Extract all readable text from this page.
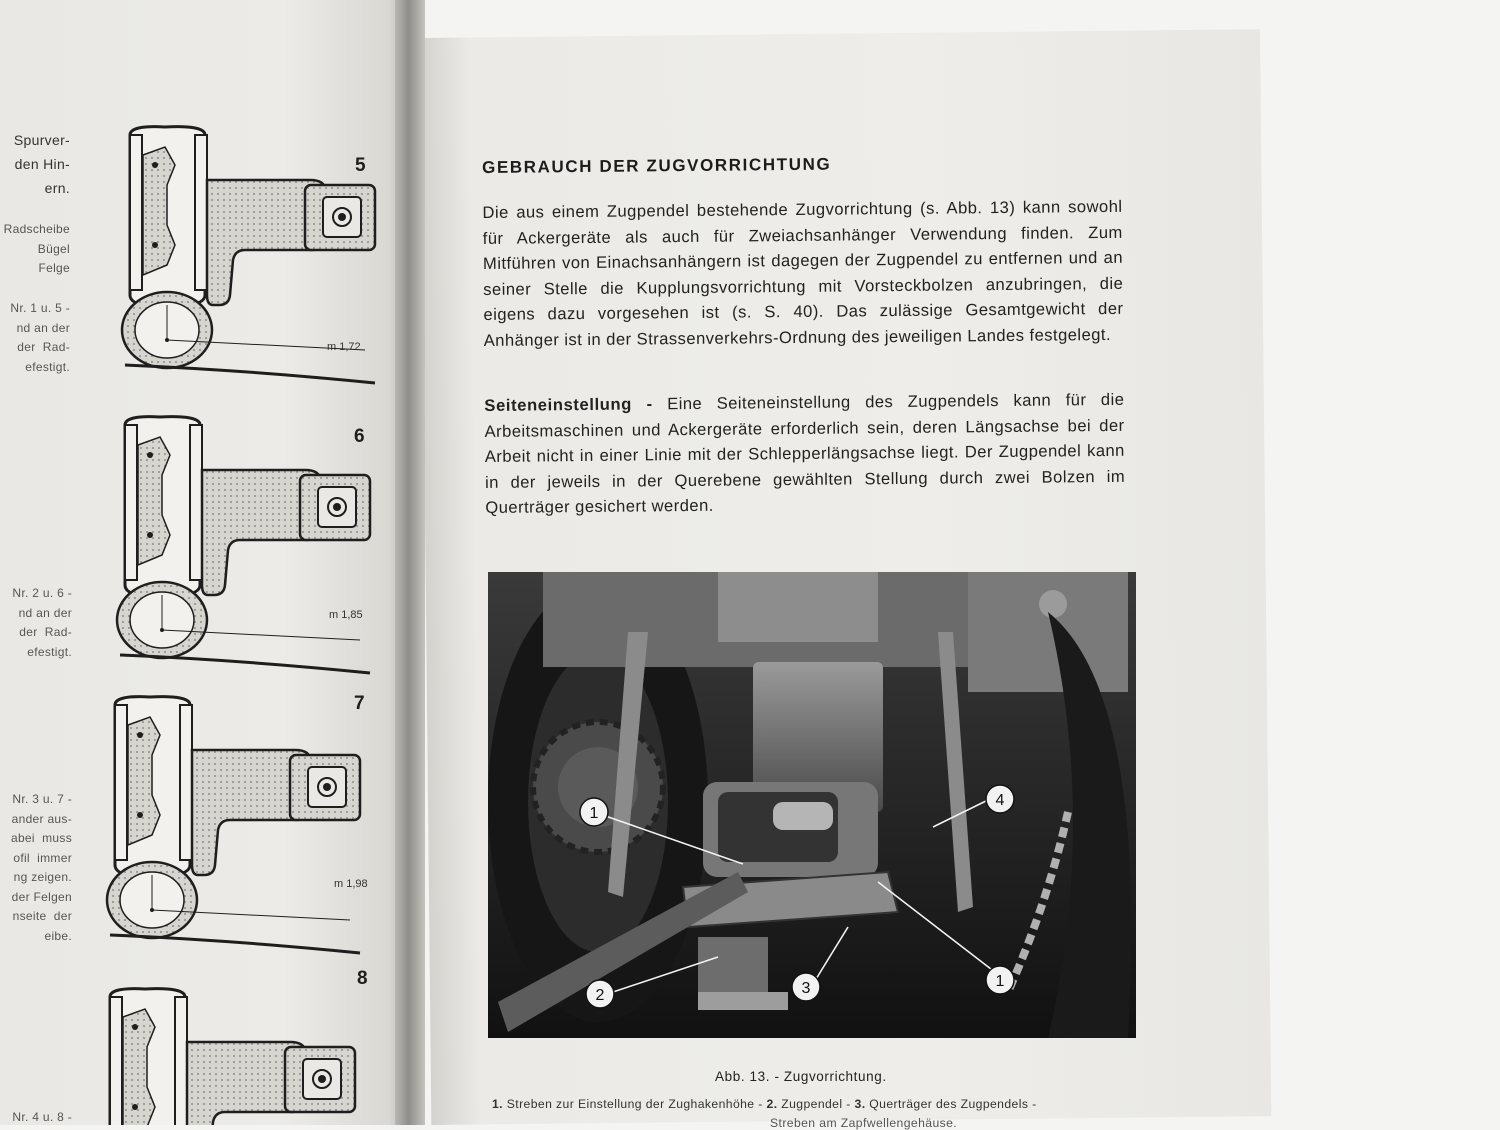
Spurver-
den Hin-
ern.
Radscheibe
Bügel
Felge
Nr. 1 u. 5 -
nd an der
der  Rad-
efestigt.
Nr. 2 u. 6 -
nd an der
der  Rad-
efestigt.
Nr. 3 u. 7 -
ander aus-
abei  muss
ofil  immer
ng zeigen.
der Felgen
nseite  der
eibe.
Nr. 4 u. 8 -
5
6
7
8
m 1,72
m 1,85
m 1,98
GEBRAUCH DER ZUGVORRICHTUNG
Die aus einem Zugpendel bestehende Zugvorrichtung (s. Abb. 13) kann sowohl für Ackergeräte als auch für Zweiachsanhänger Verwendung finden. Zum Mitführen von Einachsanhängern ist dagegen der Zugpendel zu entfernen und an seiner Stelle die Kupplungsvorrichtung mit Vorsteckbolzen anzubringen, die eigens dazu vorgesehen ist (s. S. 40). Das zulässige Gesamtgewicht der Anhänger ist in der Strassenverkehrs-Ordnung des jeweiligen Landes festgelegt.
Seiteneinstellung - Eine Seiteneinstellung des Zugpendels kann für die Arbeitsmaschinen und Ackergeräte erforderlich sein, deren Längsachse bei der Arbeit nicht in einer Linie mit der Schlepperlängsachse liegt. Der Zugpendel kann in der jeweils in der Querebene gewählten Stellung durch zwei Bolzen im Querträger gesichert werden.
1
2	3	1
4
Abb. 13. - Zugvorrichtung.
1. Streben zur Einstellung der Zughakenhöhe - 2. Zugpendel - 3. Querträger des Zugpendels -
Streben am Zapfwellengehäuse.
